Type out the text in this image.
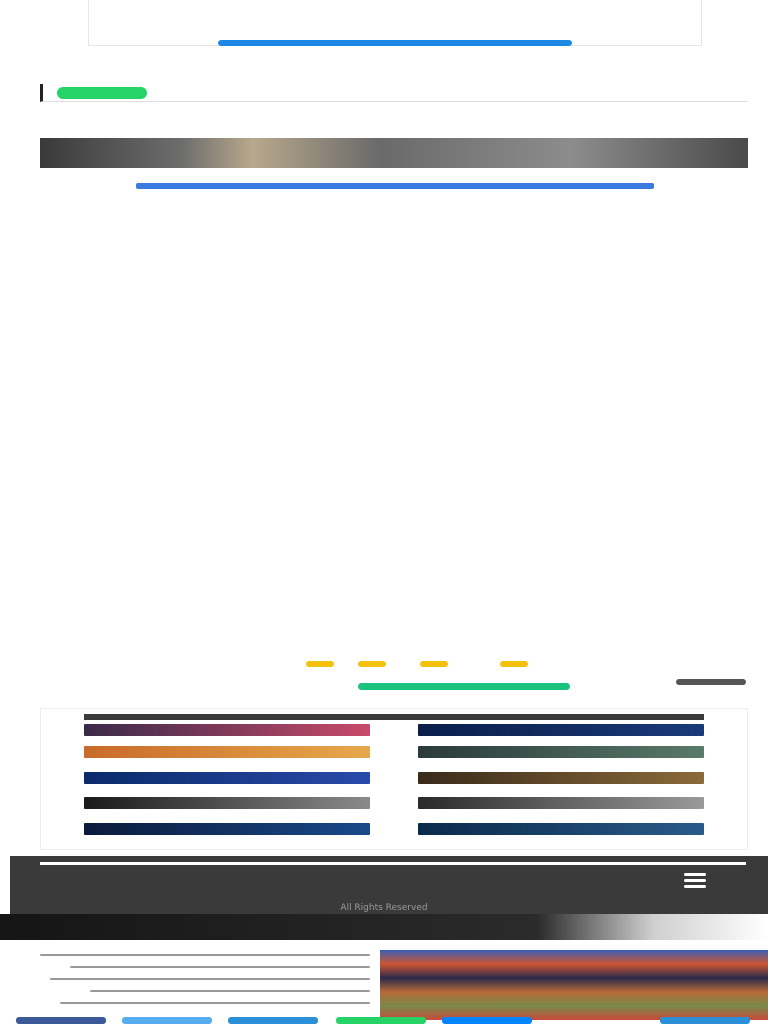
All Rights Reserved
